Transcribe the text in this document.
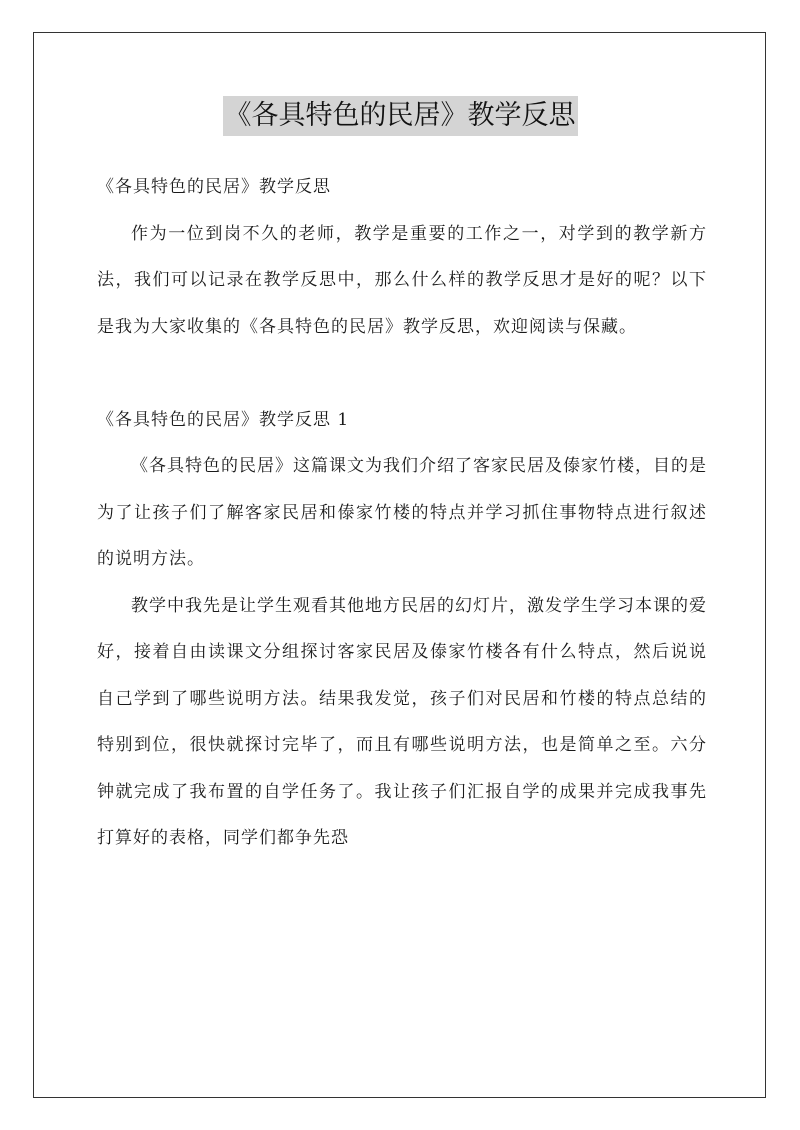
《各具特色的民居》教学反思

《各具特色的民居》教学反思

作为一位到岗不久的老师，教学是重要的工作之一，对学到的教学新方法，我们可以记录在教学反思中，那么什么样的教学反思才是好的呢？以下是我为大家收集的《各具特色的民居》教学反思，欢迎阅读与保藏。

《各具特色的民居》教学反思 1

《各具特色的民居》这篇课文为我们介绍了客家民居及傣家竹楼，目的是为了让孩子们了解客家民居和傣家竹楼的特点并学习抓住事物特点进行叙述的说明方法。

教学中我先是让学生观看其他地方民居的幻灯片，激发学生学习本课的爱好，接着自由读课文分组探讨客家民居及傣家竹楼各有什么特点，然后说说自己学到了哪些说明方法。结果我发觉，孩子们对民居和竹楼的特点总结的特别到位，很快就探讨完毕了，而且有哪些说明方法，也是简单之至。六分钟就完成了我布置的自学任务了。我让孩子们汇报自学的成果并完成我事先打算好的表格，同学们都争先恐
